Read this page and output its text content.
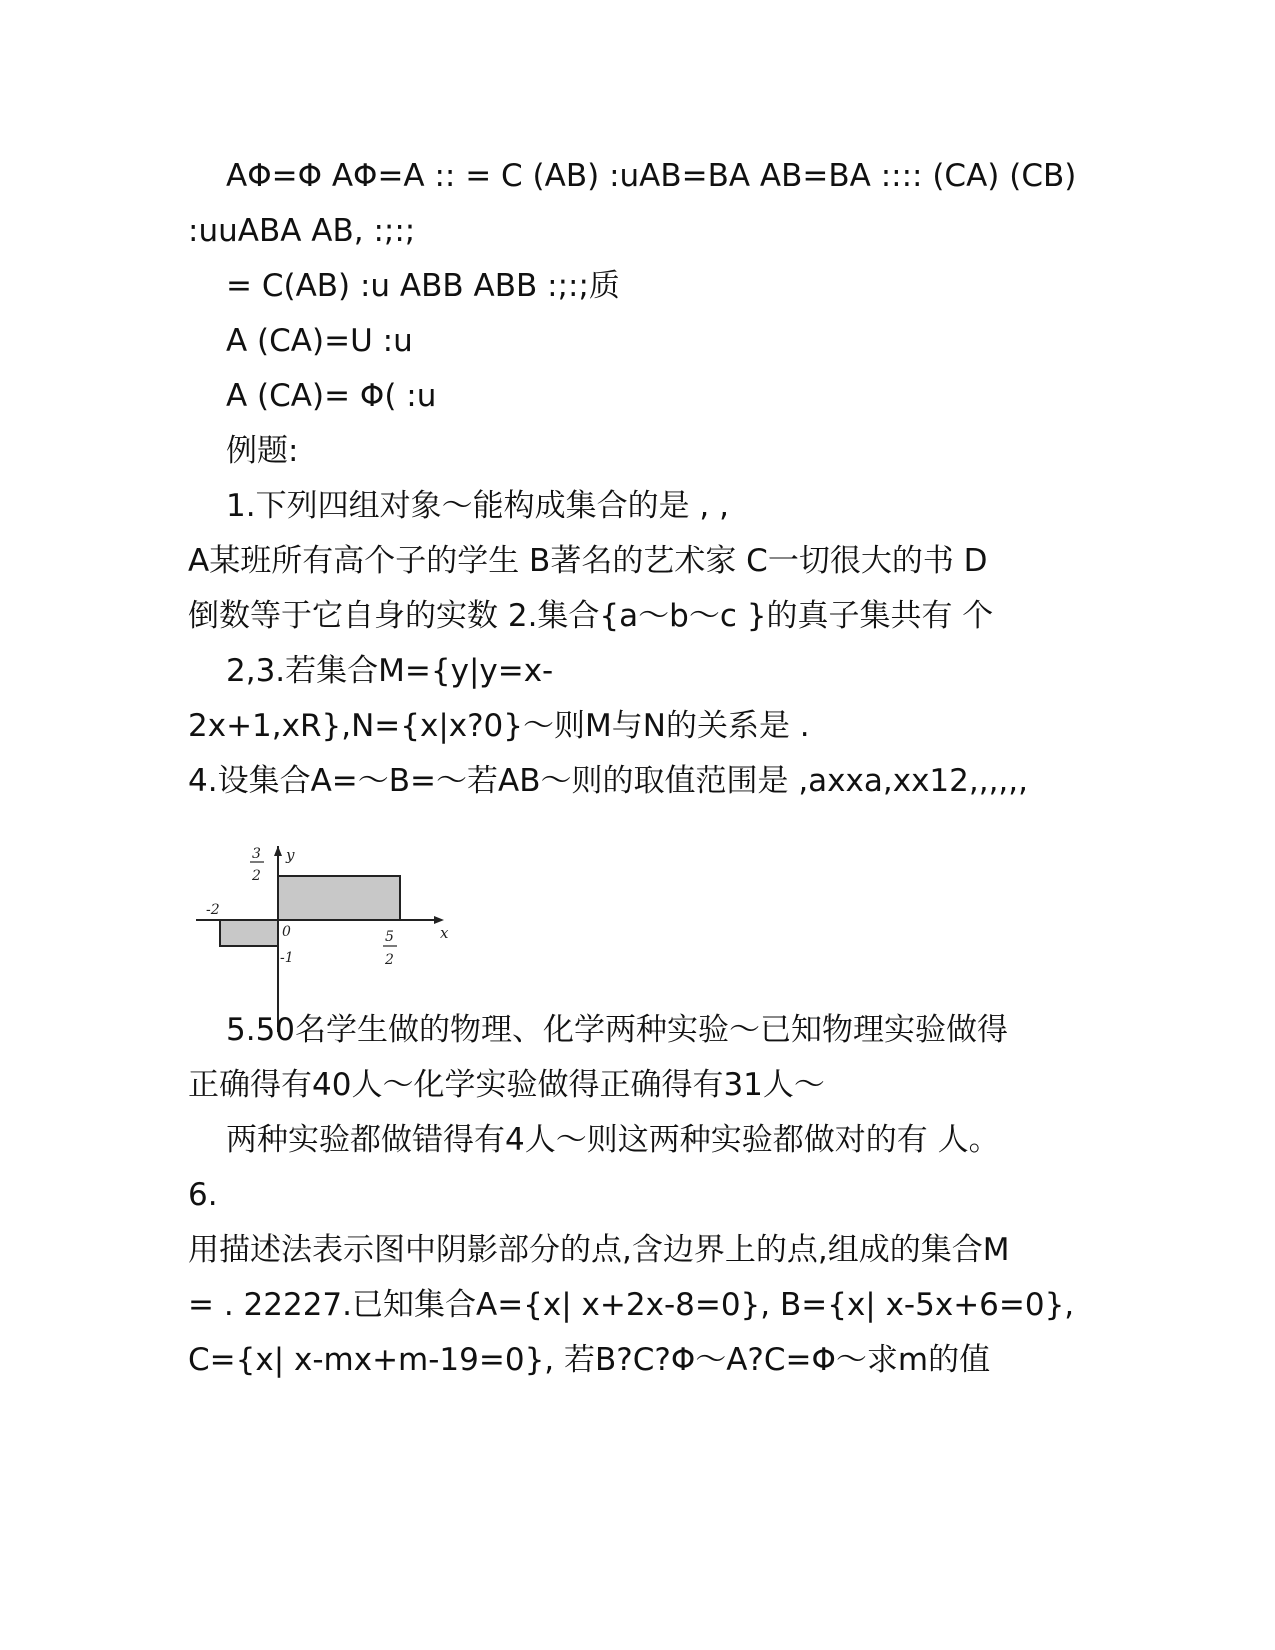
AΦ=Φ AΦ=A :: = C (AB) :uAB=BA AB=BA :::: (CA) (CB)
:uuABA AB, :;:;
= C(AB) :u ABB ABB :;:;质
A (CA)=U :u
A (CA)= Φ( :u
例题:
1.下列四组对象～能构成集合的是 , ,
A某班所有高个子的学生 B著名的艺术家 C一切很大的书 D
倒数等于它自身的实数 2.集合{a～b～c }的真子集共有 个
2,3.若集合M={y|y=x-
2x+1,xR},N={x|x?0}～则M与N的关系是 .
4.设集合A=～B=～若AB～则的取值范围是 ,axxa,xx12,,,,,,
y
x
0
-2
-1
3
2
5
2
5.50名学生做的物理、化学两种实验～已知物理实验做得
正确得有40人～化学实验做得正确得有31人～
两种实验都做错得有4人～则这两种实验都做对的有 人。
6.
用描述法表示图中阴影部分的点,含边界上的点,组成的集合M
= . 22227.已知集合A={x| x+2x-8=0}, B={x| x-5x+6=0},
C={x| x-mx+m-19=0}, 若B?C?Φ～A?C=Φ～求m的值
